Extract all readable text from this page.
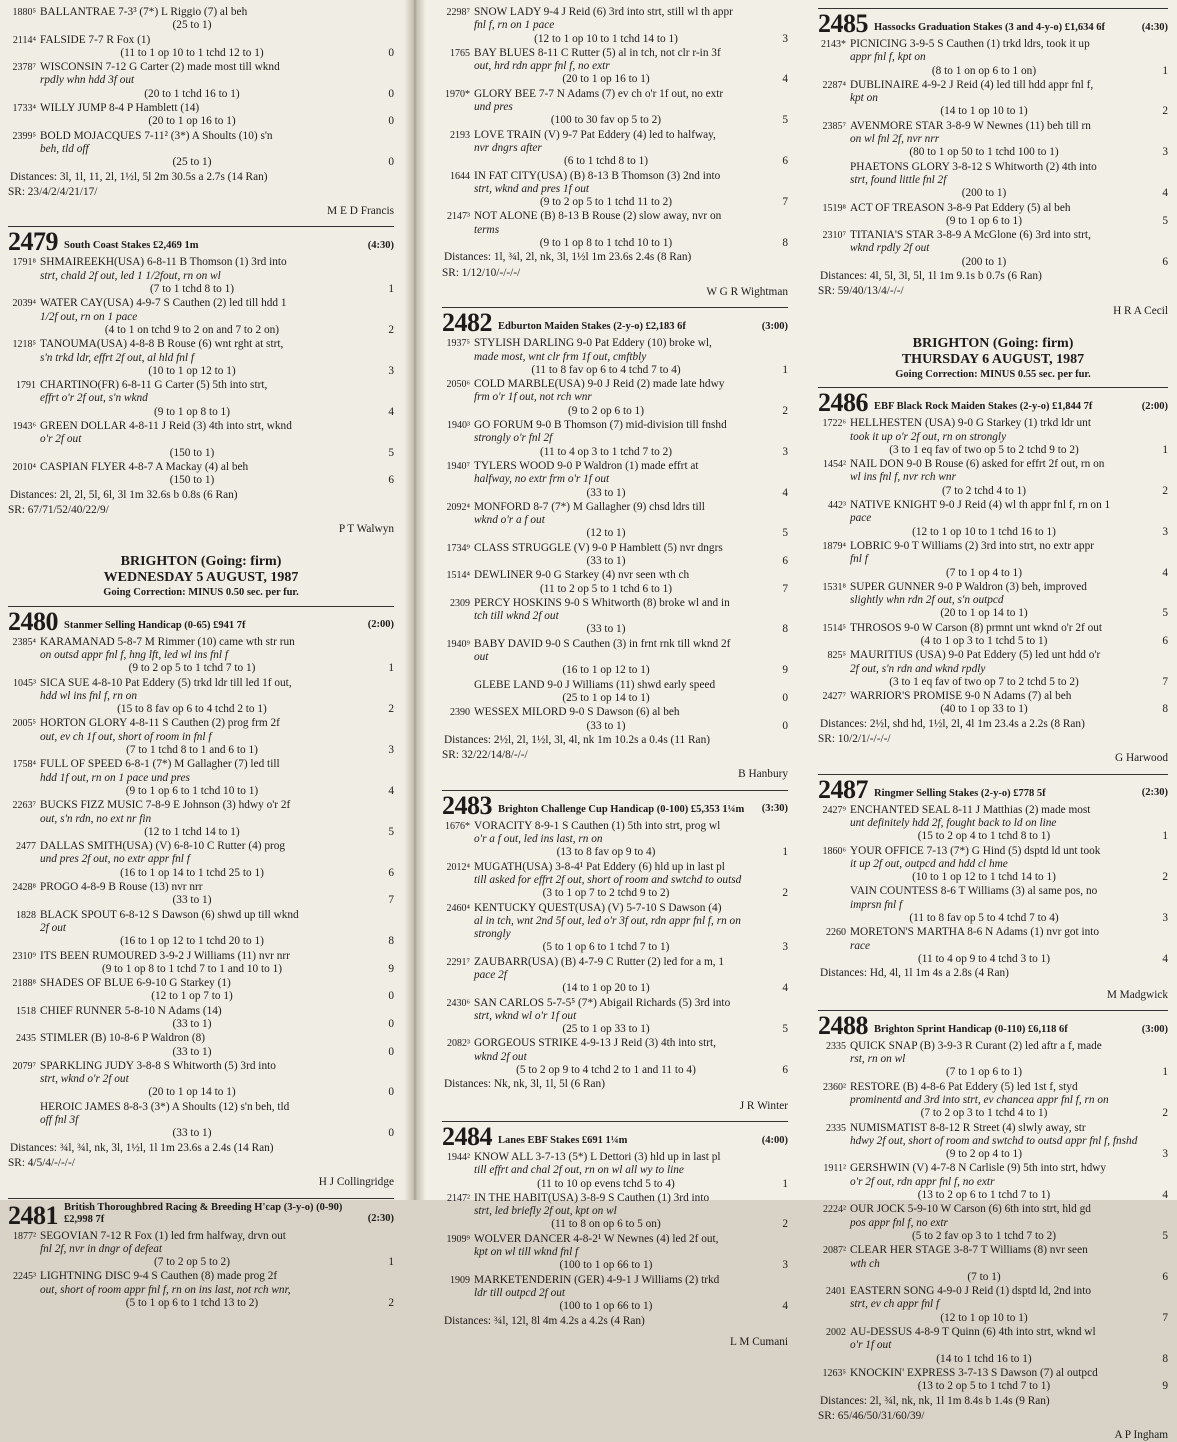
1880⁵ BALLANTRAE 7-3³ (7*) L Riggio (7) al beh
(25 to 1)
2114⁴ FALSIDE 7-7 R Fox (1)
(11 to 1 op 10 to 1 tchd 12 to 1)	0
2378⁷ WISCONSIN 7-12 G Carter (2) made most till wknd
rpdly whn hdd 3f out
(20 to 1 tchd 16 to 1)	0
1733⁴ WILLY JUMP 8-4 P Hamblett (14)
(20 to 1 op 16 to 1)	0
2399⁵ BOLD MOJACQUES 7-11² (3*) A Shoults (10) s'n
beh, tld off
(25 to 1)	0
Distances: 3l, 1l, 11, 2l, 1½l, 5l 2m 30.5s a 2.7s (14 Ran)
SR: 23/4/2/4/21/17/
M E D Francis
2479 South Coast Stakes £2,469 1m	(4:30)
1791⁸ SHMAIREEKH(USA) 6-8-11 B Thomson (1) 3rd into
strt, chald 2f out, led 1 1/2fout, rn on wl
(7 to 1 tchd 8 to 1)	1
2039⁴ WATER CAY(USA) 4-9-7 S Cauthen (2) led till hdd 1
1/2f out, rn on 1 pace
(4 to 1 on tchd 9 to 2 on and 7 to 2 on)	2
1218⁵ TANOUMA(USA) 4-8-8 B Rouse (6) wnt rght at strt,
s'n trkd ldr, effrt 2f out, al hld fnl f
(10 to 1 op 12 to 1)	3
1791 CHARTINO(FR) 6-8-11 G Carter (5) 5th into strt,
effrt o'r 2f out, s'n wknd
(9 to 1 op 8 to 1)	4
1943⁶ GREEN DOLLAR 4-8-11 J Reid (3) 4th into strt, wknd
o'r 2f out
(150 to 1)	5
2010⁴ CASPIAN FLYER 4-8-7 A Mackay (4) al beh
(150 to 1)	6
Distances: 2l, 2l, 5l, 6l, 3l 1m 32.6s b 0.8s (6 Ran)
SR: 67/71/52/40/22/9/
P T Walwyn
BRIGHTON (Going: firm)
WEDNESDAY 5 AUGUST, 1987
Going Correction: MINUS 0.50 sec. per fur.
2480 Stanmer Selling Handicap (0-65) £941 7f	(2:00)
2385⁴ KARAMANAD 5-8-7 M Rimmer (10) came wth str run
on outsd appr fnl f, hng lft, led wl ins fnl f
(9 to 2 op 5 to 1 tchd 7 to 1)	1
1045³ SICA SUE 4-8-10 Pat Eddery (5) trkd ldr till led 1f out,
hdd wl ins fnl f, rn on
(15 to 8 fav op 6 to 4 tchd 2 to 1)	2
2005⁵ HORTON GLORY 4-8-11 S Cauthen (2) prog frm 2f
out, ev ch 1f out, short of room in fnl f
(7 to 1 tchd 8 to 1 and 6 to 1)	3
1758⁴ FULL OF SPEED 6-8-1 (7*) M Gallagher (7) led till
hdd 1f out, rn on 1 pace und pres
(9 to 1 op 6 to 1 tchd 10 to 1)	4
2263⁷ BUCKS FIZZ MUSIC 7-8-9 E Johnson (3) hdwy o'r 2f
out, s'n rdn, no ext nr fin
(12 to 1 tchd 14 to 1)	5
2477 DALLAS SMITH(USA) (V) 6-8-10 C Rutter (4) prog
und pres 2f out, no extr appr fnl f
(16 to 1 op 14 to 1 tchd 25 to 1)	6
2428⁸ PROGO 4-8-9 B Rouse (13) nvr nrr
(33 to 1)	7
1828 BLACK SPOUT 6-8-12 S Dawson (6) shwd up till wknd
2f out
(16 to 1 op 12 to 1 tchd 20 to 1)	8
2310⁹ ITS BEEN RUMOURED 3-9-2 J Williams (11) nvr nrr
(9 to 1 op 8 to 1 tchd 7 to 1 and 10 to 1)	9
2188⁸ SHADES OF BLUE 6-9-10 G Starkey (1)
(12 to 1 op 7 to 1)	0
1518 CHIEF RUNNER 5-8-10 N Adams (14)
(33 to 1)	0
2435 STIMLER (B) 10-8-6 P Waldron (8)
(33 to 1)	0
2079⁷ SPARKLING JUDY 3-8-8 S Whitworth (5) 3rd into
strt, wknd o'r 2f out
(20 to 1 op 14 to 1)	0
HEROIC JAMES 8-8-3 (3*) A Shoults (12) s'n beh, tld
off fnl 3f
(33 to 1)	0
Distances: ¾l, ¾l, nk, 3l, 1½l, 1l 1m 23.6s a 2.4s (14 Ran)
SR: 4/5/4/-/-/-/
H J Collingridge
2481 British Thoroughbred Racing & Breeding H'cap (3-y-o) (0-90) £2,998 7f	(2:30)
1877² SEGOVIAN 7-12 R Fox (1) led frm halfway, drvn out
fnl 2f, nvr in dngr of defeat
(7 to 2 op 5 to 2)	1
2245³ LIGHTNING DISC 9-4 S Cauthen (8) made prog 2f
out, short of room appr fnl f, rn on ins last, not rch wnr,
(5 to 1 op 6 to 1 tchd 13 to 2)	2
2298⁷ SNOW LADY 9-4 J Reid (6) 3rd into strt, still wl th appr
fnl f, rn on 1 pace
(12 to 1 op 10 to 1 tchd 14 to 1)	3
1765 BAY BLUES 8-11 C Rutter (5) al in tch, not clr r-in 3f
out, hrd rdn appr fnl f, no extr
(20 to 1 op 16 to 1)	4
1970* GLORY BEE 7-7 N Adams (7) ev ch o'r 1f out, no extr
und pres
(100 to 30 fav op 5 to 2)	5
2193 LOVE TRAIN (V) 9-7 Pat Eddery (4) led to halfway,
nvr dngrs after
(6 to 1 tchd 8 to 1)	6
1644 IN FAT CITY(USA) (B) 8-13 B Thomson (3) 2nd into
strt, wknd and pres 1f out
(9 to 2 op 5 to 1 tchd 11 to 2)	7
2147³ NOT ALONE (B) 8-13 B Rouse (2) slow away, nvr on
terms
(9 to 1 op 8 to 1 tchd 10 to 1)	8
Distances: 1l, ¾l, 2l, nk, 3l, 1½l 1m 23.6s 2.4s (8 Ran)
SR: 1/12/10/-/-/-/
W G R Wightman
2482 Edburton Maiden Stakes (2-y-o) £2,183 6f	(3:00)
1937⁵ STYLISH DARLING 9-0 Pat Eddery (10) broke wl,
made most, wnt clr frm 1f out, cmftbly
(11 to 8 fav op 6 to 4 tchd 7 to 4)	1
2050⁶ COLD MARBLE(USA) 9-0 J Reid (2) made late hdwy
frm o'r 1f out, not rch wnr
(9 to 2 op 6 to 1)	2
1940³ GO FORUM 9-0 B Thomson (7) mid-division till fnshd
strongly o'r fnl 2f
(11 to 4 op 3 to 1 tchd 7 to 2)	3
1940⁷ TYLERS WOOD 9-0 P Waldron (1) made effrt at
halfway, no extr frm o'r 1f out
(33 to 1)	4
2092⁴ MONFORD 8-7 (7*) M Gallagher (9) chsd ldrs till
wknd o'r a f out
(12 to 1)	5
1734⁹ CLASS STRUGGLE (V) 9-0 P Hamblett (5) nvr dngrs
(33 to 1)	6
1514⁴ DEWLINER 9-0 G Starkey (4) nvr seen wth ch
(11 to 2 op 5 to 1 tchd 6 to 1)	7
2309 PERCY HOSKINS 9-0 S Whitworth (8) broke wl and in
tch till wknd 2f out
(33 to 1)	8
1940⁹ BABY DAVID 9-0 S Cauthen (3) in frnt rnk till wknd 2f
out
(16 to 1 op 12 to 1)	9
GLEBE LAND 9-0 J Williams (11) shwd early speed
(25 to 1 op 14 to 1)	0
2390 WESSEX MILORD 9-0 S Dawson (6) al beh
(33 to 1)	0
Distances: 2½l, 2l, 1½l, 3l, 4l, nk 1m 10.2s a 0.4s (11 Ran)
SR: 32/22/14/8/-/-/
B Hanbury
2483 Brighton Challenge Cup Handicap (0-100) £5,353 1¼m	(3:30)
1676* VORACITY 8-9-1 S Cauthen (1) 5th into strt, prog wl
o'r a f out, led ins last, rn on
(13 to 8 fav op 9 to 4)	1
2012⁴ MUGATH(USA) 3-8-4¹ Pat Eddery (6) hld up in last pl
till asked for effrt 2f out, short of room and swtchd to outsd
(3 to 1 op 7 to 2 tchd 9 to 2)	2
2460⁴ KENTUCKY QUEST(USA) (V) 5-7-10 S Dawson (4)
al in tch, wnt 2nd 5f out, led o'r 3f out, rdn appr fnl f, rn on strongly
(5 to 1 op 6 to 1 tchd 7 to 1)	3
2291⁷ ZAUBARR(USA) (B) 4-7-9 C Rutter (2) led for a m, 1
pace 2f
(14 to 1 op 20 to 1)	4
2430⁶ SAN CARLOS 5-7-5⁵ (7*) Abigail Richards (5) 3rd into
strt, wknd wl o'r 1f out
(25 to 1 op 33 to 1)	5
2082³ GORGEOUS STRIKE 4-9-13 J Reid (3) 4th into strt,
wknd 2f out
(5 to 2 op 9 to 4 tchd 2 to 1 and 11 to 4)	6
Distances: Nk, nk, 3l, 1l, 5l (6 Ran)
J R Winter
2484 Lanes EBF Stakes £691 1¼m	(4:00)
1944² KNOW ALL 3-7-13 (5*) L Dettori (3) hld up in last pl
till effrt and chal 2f out, rn on wl all wy to line
(11 to 10 op evens tchd 5 to 4)	1
2147² IN THE HABIT(USA) 3-8-9 S Cauthen (1) 3rd into
strt, led briefly 2f out, kpt on wl
(11 to 8 on op 6 to 5 on)	2
1909⁹ WOLVER DANCER 4-8-2¹ W Newnes (4) led 2f out,
kpt on wl till wknd fnl f
(100 to 1 op 66 to 1)	3
1909 MARKETENDERIN (GER) 4-9-1 J Williams (2) trkd
ldr till outpcd 2f out
(100 to 1 op 66 to 1)	4
Distances: ¾l, 12l, 8l 4m 4.2s a 4.2s (4 Ran)
L M Cumani
2485 Hassocks Graduation Stakes (3 and 4-y-o) £1,634 6f	(4:30)
2143* PICNICING 3-9-5 S Cauthen (1) trkd ldrs, took it up
appr fnl f, kpt on
(8 to 1 on op 6 to 1 on)	1
2287⁴ DUBLINAIRE 4-9-2 J Reid (4) led till hdd appr fnl f,
kpt on
(14 to 1 op 10 to 1)	2
2385⁷ AVENMORE STAR 3-8-9 W Newnes (11) beh till rn
on wl fnl 2f, nvr nrr
(80 to 1 op 50 to 1 tchd 100 to 1)	3
PHAETONS GLORY 3-8-12 S Whitworth (2) 4th into
strt, found little fnl 2f
(200 to 1)	4
1519⁸ ACT OF TREASON 3-8-9 Pat Eddery (5) al beh
(9 to 1 op 6 to 1)	5
2310⁷ TITANIA'S STAR 3-8-9 A McGlone (6) 3rd into strt,
wknd rpdly 2f out
(200 to 1)	6
Distances: 4l, 5l, 3l, 5l, 1l 1m 9.1s b 0.7s (6 Ran)
SR: 59/40/13/4/-/-/
H R A Cecil
BRIGHTON (Going: firm)
THURSDAY 6 AUGUST, 1987
Going Correction: MINUS 0.55 sec. per fur.
2486 EBF Black Rock Maiden Stakes (2-y-o) £1,844 7f	(2:00)
1722⁶ HELLHESTEN (USA) 9-0 G Starkey (1) trkd ldr unt
took it up o'r 2f out, rn on strongly
(3 to 1 eq fav of two op 5 to 2 tchd 9 to 2)	1
1454² NAIL DON 9-0 B Rouse (6) asked for effrt 2f out, rn on
wl ins fnl f, nvr rch wnr
(7 to 2 tchd 4 to 1)	2
442³ NATIVE KNIGHT 9-0 J Reid (4) wl th appr fnl f, rn on 1
pace
(12 to 1 op 10 to 1 tchd 16 to 1)	3
1879⁴ LOBRIC 9-0 T Williams (2) 3rd into strt, no extr appr
fnl f
(7 to 1 op 4 to 1)	4
1531⁸ SUPER GUNNER 9-0 P Waldron (3) beh, improved
slightly whn rdn 2f out, s'n outpcd
(20 to 1 op 14 to 1)	5
1514⁵ THROSOS 9-0 W Carson (8) prmnt unt wknd o'r 2f out
(4 to 1 op 3 to 1 tchd 5 to 1)	6
825⁵ MAURITIUS (USA) 9-0 Pat Eddery (5) led unt hdd o'r
2f out, s'n rdn and wknd rpdly
(3 to 1 eq fav of two op 7 to 2 tchd 5 to 2)	7
2427⁷ WARRIOR'S PROMISE 9-0 N Adams (7) al beh
(40 to 1 op 33 to 1)	8
Distances: 2½l, shd hd, 1½l, 2l, 4l 1m 23.4s a 2.2s (8 Ran)
SR: 10/2/1/-/-/-/
G Harwood
2487 Ringmer Selling Stakes (2-y-o) £778 5f	(2:30)
2427⁹ ENCHANTED SEAL 8-11 J Matthias (2) made most
unt definitely hdd 2f, fought back to ld on line
(15 to 2 op 4 to 1 tchd 8 to 1)	1
1860⁶ YOUR OFFICE 7-13 (7*) G Hind (5) dsptd ld unt took
it up 2f out, outpcd and hdd cl hme
(10 to 1 op 12 to 1 tchd 14 to 1)	2
VAIN COUNTESS 8-6 T Williams (3) al same pos, no
imprsn fnl f
(11 to 8 fav op 5 to 4 tchd 7 to 4)	3
2260 MORETON'S MARTHA 8-6 N Adams (1) nvr got into
race
(11 to 4 op 9 to 4 tchd 3 to 1)	4
Distances: Hd, 4l, 1l 1m 4s a 2.8s (4 Ran)
M Madgwick
2488 Brighton Sprint Handicap (0-110) £6,118 6f	(3:00)
2335 QUICK SNAP (B) 3-9-3 R Curant (2) led aftr a f, made
rst, rn on wl
(7 to 1 op 6 to 1)	1
2360² RESTORE (B) 4-8-6 Pat Eddery (5) led 1st f, styd
prominentd and 3rd into strt, ev chancea appr fnl f, rn on
(7 to 2 op 3 to 1 tchd 4 to 1)	2
2335 NUMISMATIST 8-8-12 R Street (4) slwly away, str
hdwy 2f out, short of room and swtchd to outsd appr fnl f, fnshd
(9 to 2 op 4 to 1)	3
1911² GERSHWIN (V) 4-7-8 N Carlisle (9) 5th into strt, hdwy
o'r 2f out, rdn appr fnl f, no extr
(13 to 2 op 6 to 1 tchd 7 to 1)	4
2224² OUR JOCK 5-9-10 W Carson (6) 6th into strt, hld gd
pos appr fnl f, no extr
(5 to 2 fav op 3 to 1 tchd 7 to 2)	5
2087² CLEAR HER STAGE 3-8-7 T Williams (8) nvr seen
wth ch
(7 to 1)	6
2401 EASTERN SONG 4-9-0 J Reid (1) dsptd ld, 2nd into
strt, ev ch appr fnl f
(12 to 1 op 10 to 1)	7
2002 AU-DESSUS 4-8-9 T Quinn (6) 4th into strt, wknd wl
o'r 1f out
(14 to 1 tchd 16 to 1)	8
1263⁵ KNOCKIN' EXPRESS 3-7-13 S Dawson (7) al outpcd
(13 to 2 op 5 to 1 tchd 7 to 1)	9
Distances: 2l, ¾l, nk, nk, 1l 1m 8.4s b 1.4s (9 Ran)
SR: 65/46/50/31/60/39/
A P Ingham
